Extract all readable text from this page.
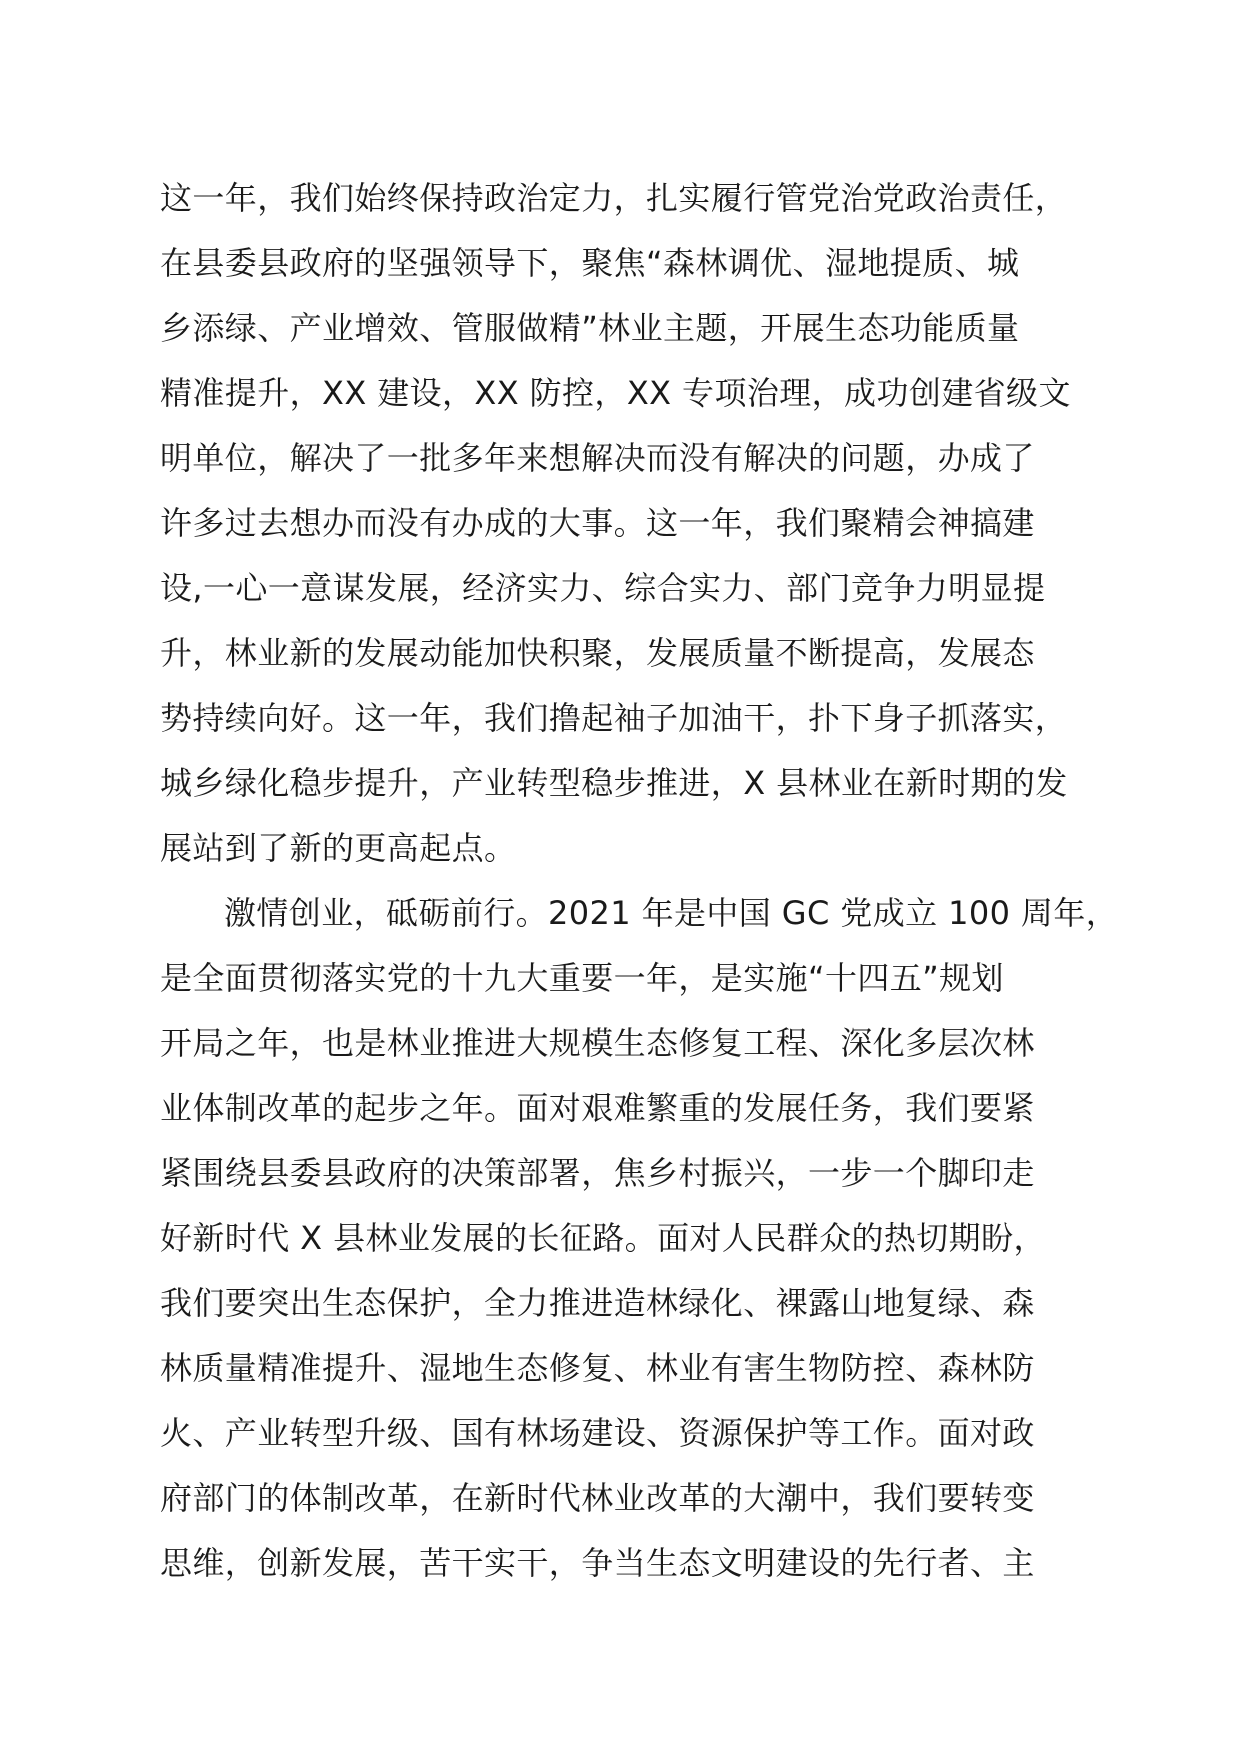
这一年，我们始终保持政治定力，扎实履行管党治党政治责任，
在县委县政府的坚强领导下，聚焦“森林调优、湿地提质、城
乡添绿、产业增效、管服做精”林业主题，开展生态功能质量
精准提升，XX 建设，XX 防控，XX 专项治理，成功创建省级文
明单位，解决了一批多年来想解决而没有解决的问题，办成了
许多过去想办而没有办成的大事。这一年，我们聚精会神搞建
设,一心一意谋发展，经济实力、综合实力、部门竞争力明显提
升，林业新的发展动能加快积聚，发展质量不断提高，发展态
势持续向好。这一年，我们撸起袖子加油干，扑下身子抓落实，
城乡绿化稳步提升，产业转型稳步推进，X 县林业在新时期的发
展站到了新的更高起点。
激情创业，砥砺前行。2021 年是中国 GC 党成立 100 周年，
是全面贯彻落实党的十九大重要一年，是实施“十四五”规划
开局之年，也是林业推进大规模生态修复工程、深化多层次林
业体制改革的起步之年。面对艰难繁重的发展任务，我们要紧
紧围绕县委县政府的决策部署，焦乡村振兴，一步一个脚印走
好新时代 X 县林业发展的长征路。面对人民群众的热切期盼，
我们要突出生态保护，全力推进造林绿化、裸露山地复绿、森
林质量精准提升、湿地生态修复、林业有害生物防控、森林防
火、产业转型升级、国有林场建设、资源保护等工作。面对政
府部门的体制改革，在新时代林业改革的大潮中，我们要转变
思维，创新发展，苦干实干，争当生态文明建设的先行者、主
